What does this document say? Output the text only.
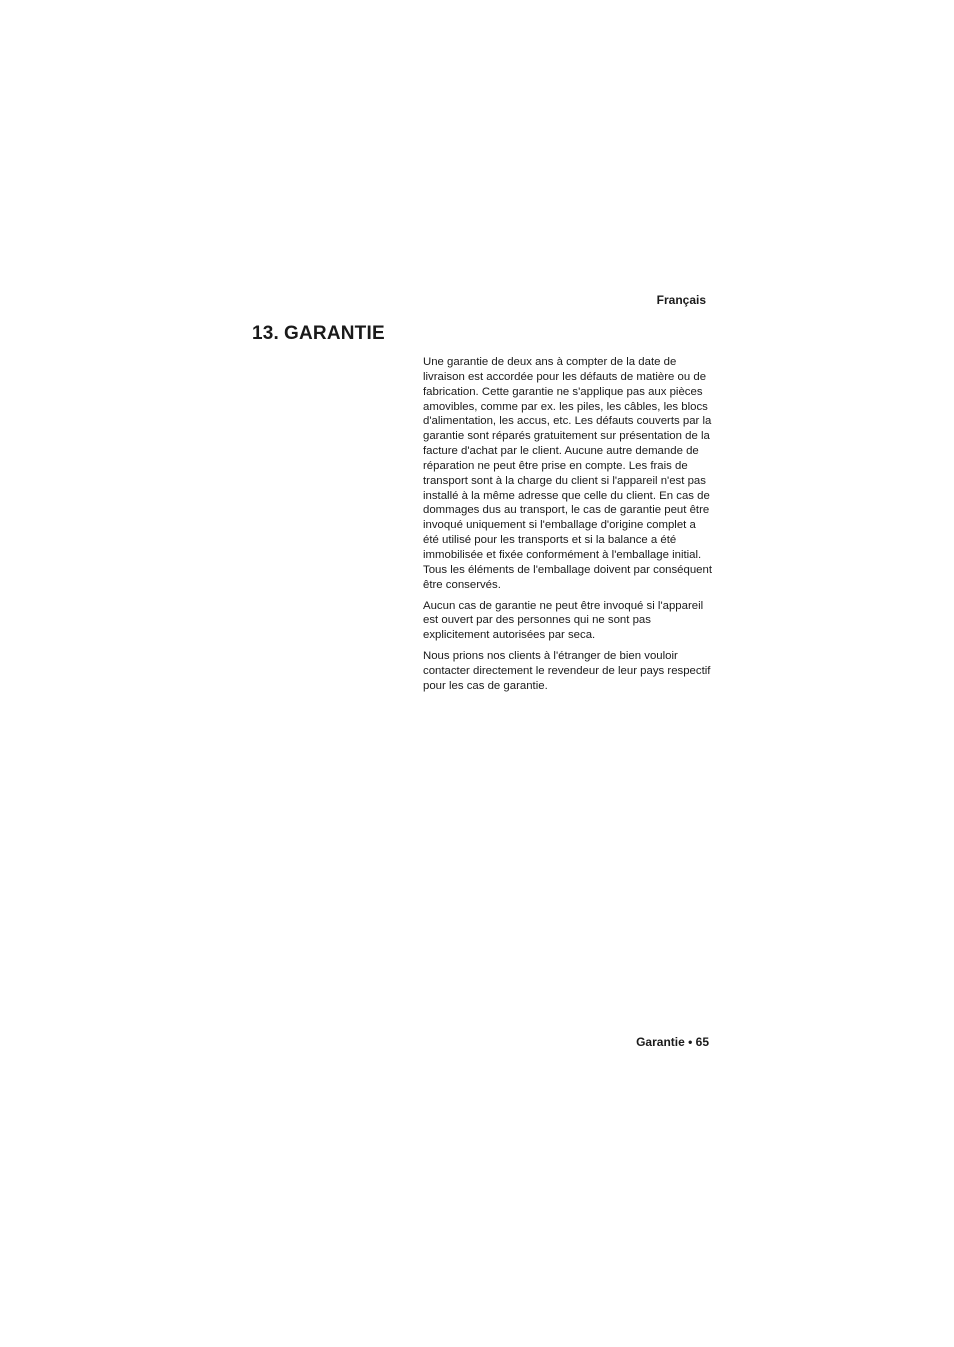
Français

13. GARANTIE

Une garantie de deux ans à compter de la date de livraison est accordée pour les défauts de matière ou de fabrication. Cette garantie ne s'applique pas aux pièces amovibles, comme par ex. les piles, les câbles, les blocs d'alimentation, les accus, etc. Les défauts couverts par la garantie sont réparés gratuitement sur présentation de la facture d'achat par le client. Aucune autre demande de réparation ne peut être prise en compte. Les frais de transport sont à la charge du client si l'appareil n'est pas installé à la même adresse que celle du client. En cas de dommages dus au transport, le cas de garantie peut être invoqué uniquement si l'emballage d'origine complet a été utilisé pour les transports et si la balance a été immobilisée et fixée conformément à l'emballage initial. Tous les éléments de l'emballage doivent par conséquent être conservés.

Aucun cas de garantie ne peut être invoqué si l'appareil est ouvert par des personnes qui ne sont pas explicitement autorisées par seca.

Nous prions nos clients à l'étranger de bien vouloir contacter directement le revendeur de leur pays respectif pour les cas de garantie.

Garantie • 65
